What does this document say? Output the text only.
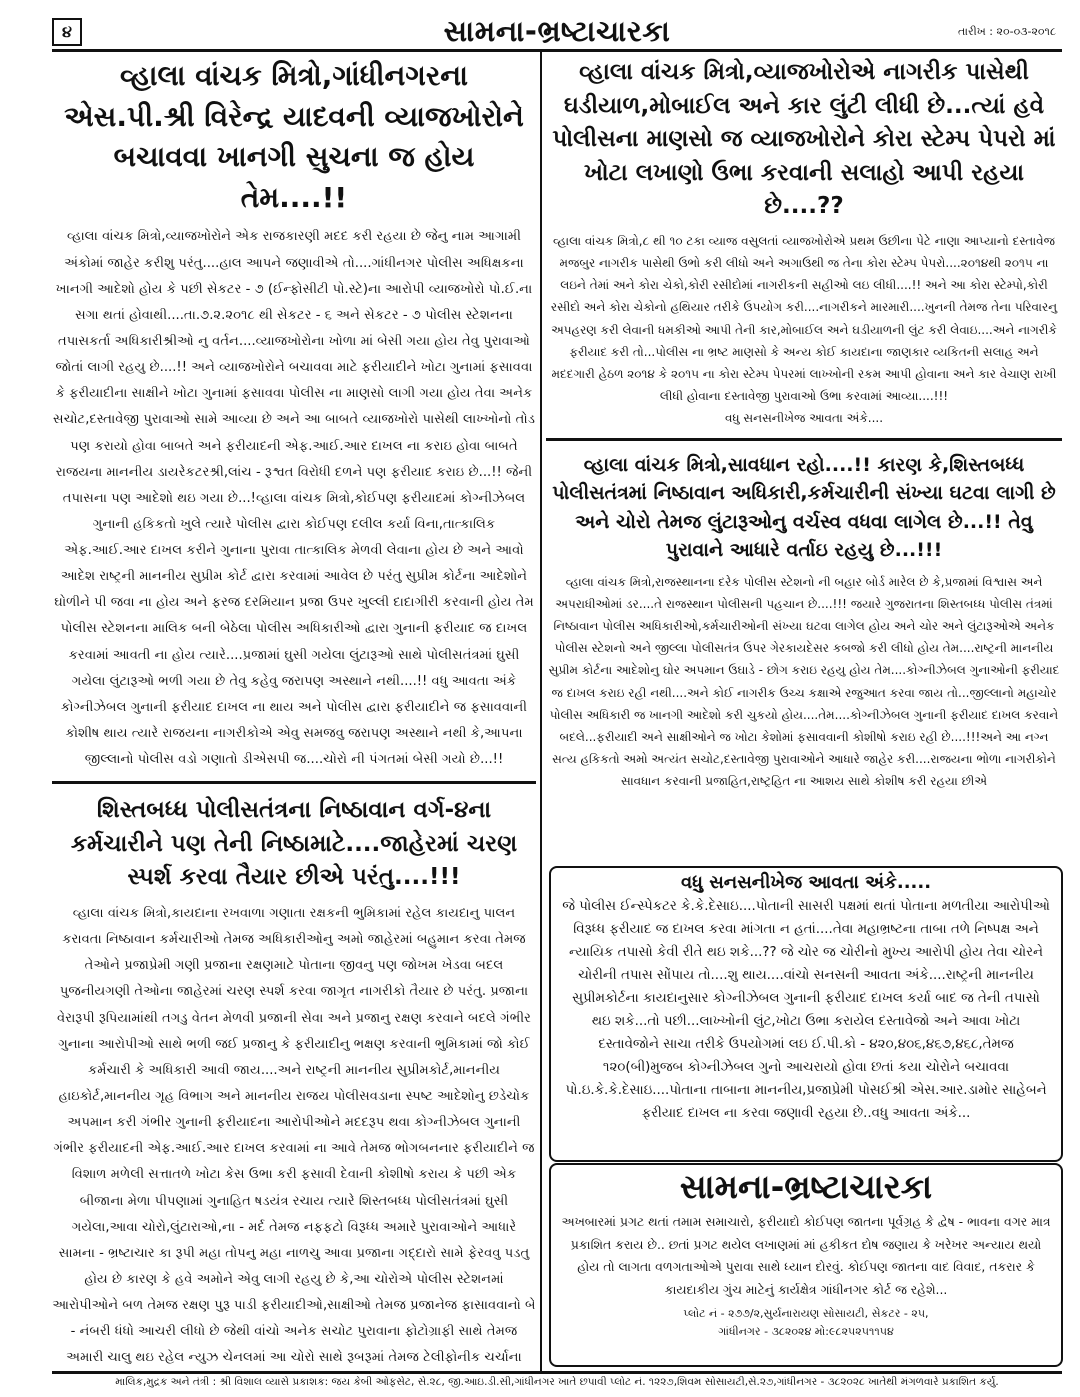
૪	સામના-ભ્રષ્ટાચારકા	તારીખ : ૨૦-૦૩-૨૦૧૮
વ્હાલા વાંચક મિત્રો,ગાંધીનગરના એસ.પી.શ્રી વિરેન્દ્ર યાદવની વ્યાજખોરોને બચાવવા ખાનગી સુચના જ હોય તેમ....!!

વ્હાલા વાંચક મિત્રો,વ્યાજખોરોને એક રાજકારણી મદદ કરી રહયા છે જેનુ નામ આગામી અંકોમાં જાહેર કરીશુ પરંતુ....હાલ આપને જણાવીએ તો....ગાંધીનગર પોલીસ અધિક્ષકના ખાનગી આદેશો હોય કે પછી સેકટર - ૭ (ઈન્ફોસીટી પો.સ્ટે)ના આરોપી વ્યાજખોરો પો.ઈ.ના સગા થતાં હોવાથી....તા.૭.૨.૨૦૧૮ થી સેકટર - ૬ અને સેકટર - ૭ પોલીસ સ્ટેશનના તપાસકર્તા અધિકારીશ્રીઓ નુ વર્તન....વ્યાજખોરોના ખોળા માં બેસી ગયા હોય તેવુ પુરાવાઓ જોતાં લાગી રહયુ છે....!! અને વ્યાજખોરોને બચાવવા માટે ફરીયાદીને ખોટા ગુનામાં ફસાવવા કે ફરીયાદીના સાક્ષીને ખોટા ગુનામાં ફસાવવા પોલીસ ના માણસો લાગી ગયા હોય તેવા અનેક સચોટ,દસ્તાવેજી પુરાવાઓ સામે આવ્યા છે અને આ બાબતે વ્યાજખોરો પાસેથી લાખ્ખોનો તોડ પણ કરાયો હોવા બાબતે અને ફરીયાદની એફ.આઈ.આર દાખલ ના કરાઇ હોવા બાબતે રાજયના માનનીય ડાયરેકટરશ્રી,લાંચ - રૂશ્વત વિરોધી દળને પણ ફરીયાદ કરાઇ છે...!! જેની તપાસના પણ આદેશો થઇ ગયા છે...!વ્હાલા વાંચક મિત્રો,કોઈપણ ફરીયાદમાં કોગ્નીઝેબલ ગુનાની હકિકતો ખુલે ત્યારે પોલીસ દ્વારા કોઈપણ દલીલ કર્યા વિના,તાત્કાલિક એફ.આઈ.આર દાખલ કરીને ગુનાના પુરાવા તાત્કાલિક મેળવી લેવાના હોય છે અને આવો આદેશ રાષ્ટ્રની માનનીય સુપ્રીમ કોર્ટ દ્વારા કરવામાં આવેલ છે પરંતુ સુપ્રીમ કોર્ટના આદેશોને ઘોળીને પી જવા ના હોય અને ફરજ દરમિયાન પ્રજા ઉપર ખુલ્લી દાદાગીરી કરવાની હોય તેમ પોલીસ સ્ટેશનના માલિક બની બેઠેલા પોલીસ અધિકારીઓ દ્વારા ગુનાની ફરીયાદ જ દાખલ કરવામાં આવતી ના હોય ત્યારે....પ્રજામાં ઘુસી ગયેલા લુંટારૂઓ સાથે પોલીસતંત્રમાં ઘુસી ગયેલા લુંટારૂઓ ભળી ગયા છે તેવુ કહેવુ જરાપણ અસ્થાને નથી....!! વધુ આવતા અંકે કોગ્નીઝેબલ ગુનાની ફરીયાદ દાખલ ના થાય અને પોલીસ દ્વારા ફરીયાદીને જ ફસાવવાની કોશીષ થાય ત્યારે રાજયના નાગરીકોએ એવુ સમજવુ જરાપણ અસ્થાને નથી કે,આપના જીલ્લાનો પોલીસ વડો ગણાતો ડીએસપી જ....ચોરો ની પંગતમાં બેસી ગયો છે...!!

શિસ્તબધ્ધ પોલીસતંત્રના નિષ્ઠાવાન વર્ગ-૪ના કર્મચારીને પણ તેની નિષ્ઠામાટે....જાહેરમાં ચરણ સ્પર્શ કરવા તૈયાર છીએ પરંતુ....!!!

વ્હાલા વાંચક મિત્રો,કાયદાના રખવાળા ગણાતા રક્ષકની ભુમિકામાં રહેલ કાયદાનુ પાલન કરાવતા નિષ્ઠાવાન કર્મચારીઓ તેમજ અધિકારીઓનુ અમો જાહેરમાં બહુમાન કરવા તેમજ તેઓને પ્રજાપ્રેમી ગણી પ્રજાના રક્ષણમાટે પોતાના જીવનુ પણ જોખમ ખેડવા બદલ પુજનીયગણી તેઓના જાહેરમાં ચરણ સ્પર્શ કરવા જાગૃત નાગરીકો તૈયાર છે પરંતુ. પ્રજાના વેરારૂપી રૂપિયામાંથી તગડુ વેતન મેળવી પ્રજાની સેવા અને પ્રજાનુ રક્ષણ કરવાને બદલે ગંભીર ગુનાના આરોપીઓ સાથે ભળી જઈ પ્રજાનુ કે ફરીયાદીનુ ભક્ષણ કરવાની ભુમિકામાં જો કોઈ કર્મચારી કે અધિકારી આવી જાય....અને રાષ્ટ્રની માનનીય સુપ્રીમકોર્ટ,માનનીય હાઇકોર્ટ,માનનીય ગૃહ વિભાગ અને માનનીય રાજય પોલીસવડાના સ્પષ્ટ આદેશોનુ છડેચોક અપમાન કરી ગંભીર ગુનાની ફરીયાદના આરોપીઓને મદદરૂપ થવા કોગ્નીઝેબલ ગુનાની ગંભીર ફરીયાદની એફ.આઈ.આર દાખલ કરવામાં ના આવે તેમજ ભોગબનનાર ફરીયાદીને જ વિશાળ મળેલી સત્તાતળે ખોટા કેસ ઉભા કરી ફસાવી દેવાની કોશીષો કરાય કે પછી એક બીજાના મેળા પીપણામાં ગુનાહિત ષડયંત્ર રચાય ત્યારે શિસ્તબધ્ધ પોલીસતંત્રમાં ઘુસી ગયેલા,આવા ચોરો,લુંટારાઓ,ના - મર્દ તેમજ નફફટો વિરૂધ્ધ અમારે પુરાવાઓને આધારે સામના - ભ્રષ્ટાચાર કા રૂપી મહા તોપનુ મહા નાળચુ આવા પ્રજાના ગદ્દારો સામે ફેરવવુ પડતુ હોય છે કારણ કે હવે અમોને એવુ લાગી રહયુ છે કે,આ ચોરોએ પોલીસ સ્ટેશનમાં આરોપીઓને બળ તેમજ રક્ષણ પુરૂ પાડી ફરીયાદીઓ,સાક્ષીઓ તેમજ પ્રજાનેજ ફાસાવવાનો બે - નંબરી ધંધો આચરી લીધો છે જેથી વાંચો અનેક સચોટ પુરાવાના ફોટોગ્રાફી સાથે તેમજ અમારી ચાલુ થઇ રહેલ ન્યુઝ ચેનલમાં આ ચોરો સાથે રૂબરૂમાં તેમજ ટેલીફોનીક ચર્ચાના

વ્હાલા વાંચક મિત્રો,વ્યાજખોરોએ નાગરીક પાસેથી ઘડીયાળ,મોબાઈલ અને કાર લુંટી લીધી છે...ત્યાં હવે પોલીસના માણસો જ વ્યાજખોરોને કોરા સ્ટેમ્પ પેપરો માં ખોટા લખાણો ઉભા કરવાની સલાહો આપી રહયા છે....??

વ્હાલા વાંચક મિત્રો,૮ થી ૧૦ ટકા વ્યાજ વસુલતાં વ્યાજખોરોએ પ્રથમ ઉછીના પેટે નાણા આપ્યાનો દસ્તાવેજ મજબુર નાગરીક પાસેથી ઉભો કરી લીધો અને અગાઉથી જ તેના કોરા સ્ટેમ્પ પેપરો....૨૦૧૪થી ૨૦૧૫ ના લઇને તેમાં અને કોરા ચેકો,કોરી રસીદોમાં નાગરીકની સહીઓ લઇ લીધી....!! અને આ કોરા સ્ટેમ્પો,કોરી રસીદો અને કોરા ચેકોનો હથિયાર તરીકે ઉપયોગ કરી....નાગરીકને મારમારી....ખુનની તેમજ તેના પરિવારનુ અપહરણ કરી લેવાની ધમકીઓ આપી તેની કાર,મોબાઈલ અને ઘડીયાળની લુંટ કરી લેવાઇ....અને નાગરીકે ફરીયાદ કરી તો...પોલીસ ના ભ્રષ્ટ માણસો કે અન્ય કોઈ કાયદાના જાણકાર વ્યકિતની સલાહ અને મદદગારી હેઠળ ૨૦૧૪ કે ૨૦૧૫ ના કોરા સ્ટેમ્પ પેપરમાં લાખ્ખોની રકમ આપી હોવાના અને કાર વેચાણ રાખી લીધી હોવાના દસ્તાવેજી પુરાવાઓ ઉભા કરવામાં આવ્યા....!!!

વધુ સનસનીખેજ આવતા અંકે....

વ્હાલા વાંચક મિત્રો,સાવધાન રહો....!! કારણ કે,શિસ્તબધ્ધ પોલીસતંત્રમાં નિષ્ઠાવાન અધિકારી,કર્મચારીની સંખ્યા ઘટવા લાગી છે અને ચોરો તેમજ લુંટારૂઓનુ વર્ચસ્વ વધવા લાગેલ છે...!! તેવુ પુરાવાને આધારે વર્તાઇ રહયુ છે...!!!

વ્હાલા વાંચક મિત્રો,રાજસ્થાનના દરેક પોલીસ સ્ટેશનો ની બહાર બોર્ડ મારેલ છે કે,પ્રજામાં વિશ્વાસ અને અપરાધીઓમાં ડર....તે રાજસ્થાન પોલીસની પહચાન છે....!!! જયારે ગુજરાતના શિસ્તબધ્ધ પોલીસ તંત્રમાં નિષ્ઠાવાન પોલીસ અધિકારીઓ,કર્મચારીઓની સંખ્યા ઘટવા લાગેલ હોય અને ચોર અને લુંટારૂઓએ અનેક પોલીસ સ્ટેશનો અને જીલ્લા પોલીસતંત્ર ઉપર ગેરકાયદેસર કબજો કરી લીધો હોય તેમ....રાષ્ટ્રની માનનીય સુપ્રીમ કોર્ટના આદેશોનુ ઘોર અપમાન ઉઘાડે - છોગ કરાઇ રહયુ હોય તેમ....કોગ્નીઝેબલ ગુનાઓની ફરીયાદ જ દાખલ કરાઇ રહી નથી....અને કોઈ નાગરીક ઉચ્ચ કક્ષાએ રજુઆત કરવા જાય તો...જીલ્લાનો મહાચોર પોલીસ અધિકારી જ ખાનગી આદેશો કરી ચુકયો હોય....તેમ....કોગ્નીઝેબલ ગુનાની ફરીયાદ દાખલ કરવાને બદલે...ફરીયાદી અને સાક્ષીઓને જ ખોટા કેશોમાં ફસાવવાની કોશીષો કરાઇ રહી છે....!!!અને આ નગ્ન સત્ય હકિકતો અમો અત્યંત સચોટ,દસ્તાવેજી પુરાવાઓને આધારે જાહેર કરી....રાજયના ભોળા નાગરીકોને સાવધાન કરવાની પ્રજાહિત,રાષ્ટ્રહિત ના આશય સાથે કોશીષ કરી રહયા છીએ

વધુ સનસનીખેજ આવતા અંકે.....

જે પોલીસ ઈન્સ્પેકટર કે.કે.દેસાઇ....પોતાની સાસરી પક્ષમાં થતાં પોતાના મળતીયા આરોપીઓ વિરૂધ્ધ ફરીયાદ જ દાખલ કરવા માંગતા ન હતાં....તેવા મહાભ્રષ્ટના તાબા તળે નિષ્પક્ષ અને ન્યાયિક તપાસો કેવી રીતે થઇ શકે...?? જે ચોર જ ચોરીનો મુખ્ય આરોપી હોય તેવા ચોરને ચોરીની તપાસ સોંપાય તો....શુ થાય....વાંચો સનસની આવતા અંકે....રાષ્ટ્રની માનનીય સુપ્રીમકોર્ટના કાયદાનુસાર કોગ્નીઝેબલ ગુનાની ફરીયાદ દાખલ કર્યા બાદ જ તેની તપાસો થઇ શકે...તો પછી...લાખ્ખોની લુંટ,ખોટા ઉભા કરાયેલ દસ્તાવેજો અને આવા ખોટા દસ્તાવેજોને સાચા તરીકે ઉપયોગમાં લઇ ઈ.પી.કો - ૪૨૦,૪૦૬,૪૬૭,૪૬૮,તેમજ ૧૨૦(બી)મુજબ કોગ્નીઝેબલ ગુનો આચરાયો હોવા છતાં કયા ચોરોને બચાવવા પો.ઇ.કે.કે.દેસાઇ....પોતાના તાબાના માનનીય,પ્રજાપ્રેમી પોસઈશ્રી એસ.આર.ડામોર સાહેબને ફરીયાદ દાખલ ના કરવા જણાવી રહયા છે..વધુ આવતા અંકે...

સામના-ભ્રષ્ટાચારકા

અખબારમાં પ્રગટ થતાં તમામ સમાચારો, ફરીયાદો કોઈપણ જાતના પૂર્વગ્રહ કે દ્વેષ - ભાવના વગર માત્ર પ્રકાશિત કરાય છે.. છતાં પ્રગટ થયેલ લખાણમાં માં હકીકત દોષ જણાય કે ખરેખર અન્યાય થયો હોય તો લાગતા વળગતાઓએ પુરાવા સાથે ધ્યાન દોરવું. કોઈપણ જાતના વાદ વિવાદ, તકરાર કે કાયદાકીય ગુંચ માટેનું કાર્યક્ષેત્ર ગાંધીનગર કોર્ટ જ રહેશે...

પ્લોટ નં - ૨૭૭/૨,સુર્યનારાયણ સોસાયટી, સેકટર - ૨૫,
ગાંધીનગર - ૩૮૨૦૨૪ મો:૯૮૨૫૨૫૧૧૫૪
માલિક,મુદ્રક અને તંત્રી : શ્રી વિશાલ વ્યાસે પ્રકાશક: જય કેબી ઓફસેટ, સે.૨૮, જી.આઇ.ડી.સી,ગાંધીનગર ખાતે છપાવી પ્લોટ નં. ૧૨૨૭,શિવમ સોસાયટી,સે.૨૭,ગાંધીનગર - ૩૮૨૦૨૮ ખાતેથી મંગળવારે પ્રકાશિત કર્યુ.
